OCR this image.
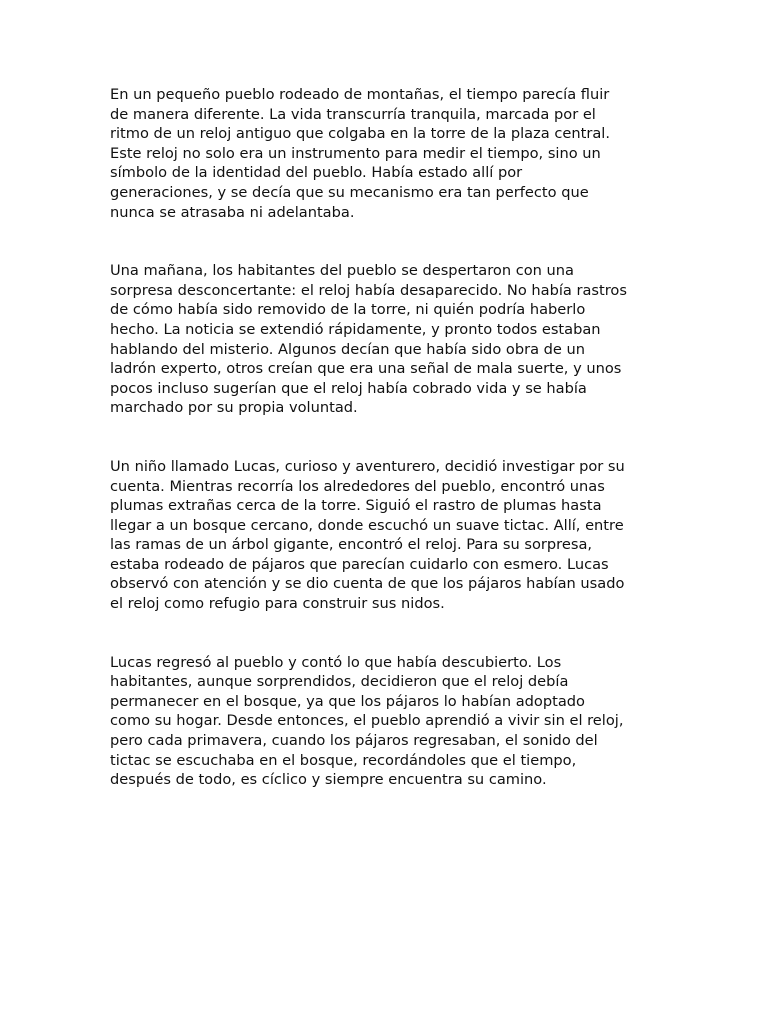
En un pequeño pueblo rodeado de montañas, el tiempo parecía fluir
de manera diferente. La vida transcurría tranquila, marcada por el
ritmo de un reloj antiguo que colgaba en la torre de la plaza central.
Este reloj no solo era un instrumento para medir el tiempo, sino un
símbolo de la identidad del pueblo. Había estado allí por
generaciones, y se decía que su mecanismo era tan perfecto que
nunca se atrasaba ni adelantaba.

Una mañana, los habitantes del pueblo se despertaron con una
sorpresa desconcertante: el reloj había desaparecido. No había rastros
de cómo había sido removido de la torre, ni quién podría haberlo
hecho. La noticia se extendió rápidamente, y pronto todos estaban
hablando del misterio. Algunos decían que había sido obra de un
ladrón experto, otros creían que era una señal de mala suerte, y unos
pocos incluso sugerían que el reloj había cobrado vida y se había
marchado por su propia voluntad.

Un niño llamado Lucas, curioso y aventurero, decidió investigar por su
cuenta. Mientras recorría los alrededores del pueblo, encontró unas
plumas extrañas cerca de la torre. Siguió el rastro de plumas hasta
llegar a un bosque cercano, donde escuchó un suave tictac. Allí, entre
las ramas de un árbol gigante, encontró el reloj. Para su sorpresa,
estaba rodeado de pájaros que parecían cuidarlo con esmero. Lucas
observó con atención y se dio cuenta de que los pájaros habían usado
el reloj como refugio para construir sus nidos.

Lucas regresó al pueblo y contó lo que había descubierto. Los
habitantes, aunque sorprendidos, decidieron que el reloj debía
permanecer en el bosque, ya que los pájaros lo habían adoptado
como su hogar. Desde entonces, el pueblo aprendió a vivir sin el reloj,
pero cada primavera, cuando los pájaros regresaban, el sonido del
tictac se escuchaba en el bosque, recordándoles que el tiempo,
después de todo, es cíclico y siempre encuentra su camino.
